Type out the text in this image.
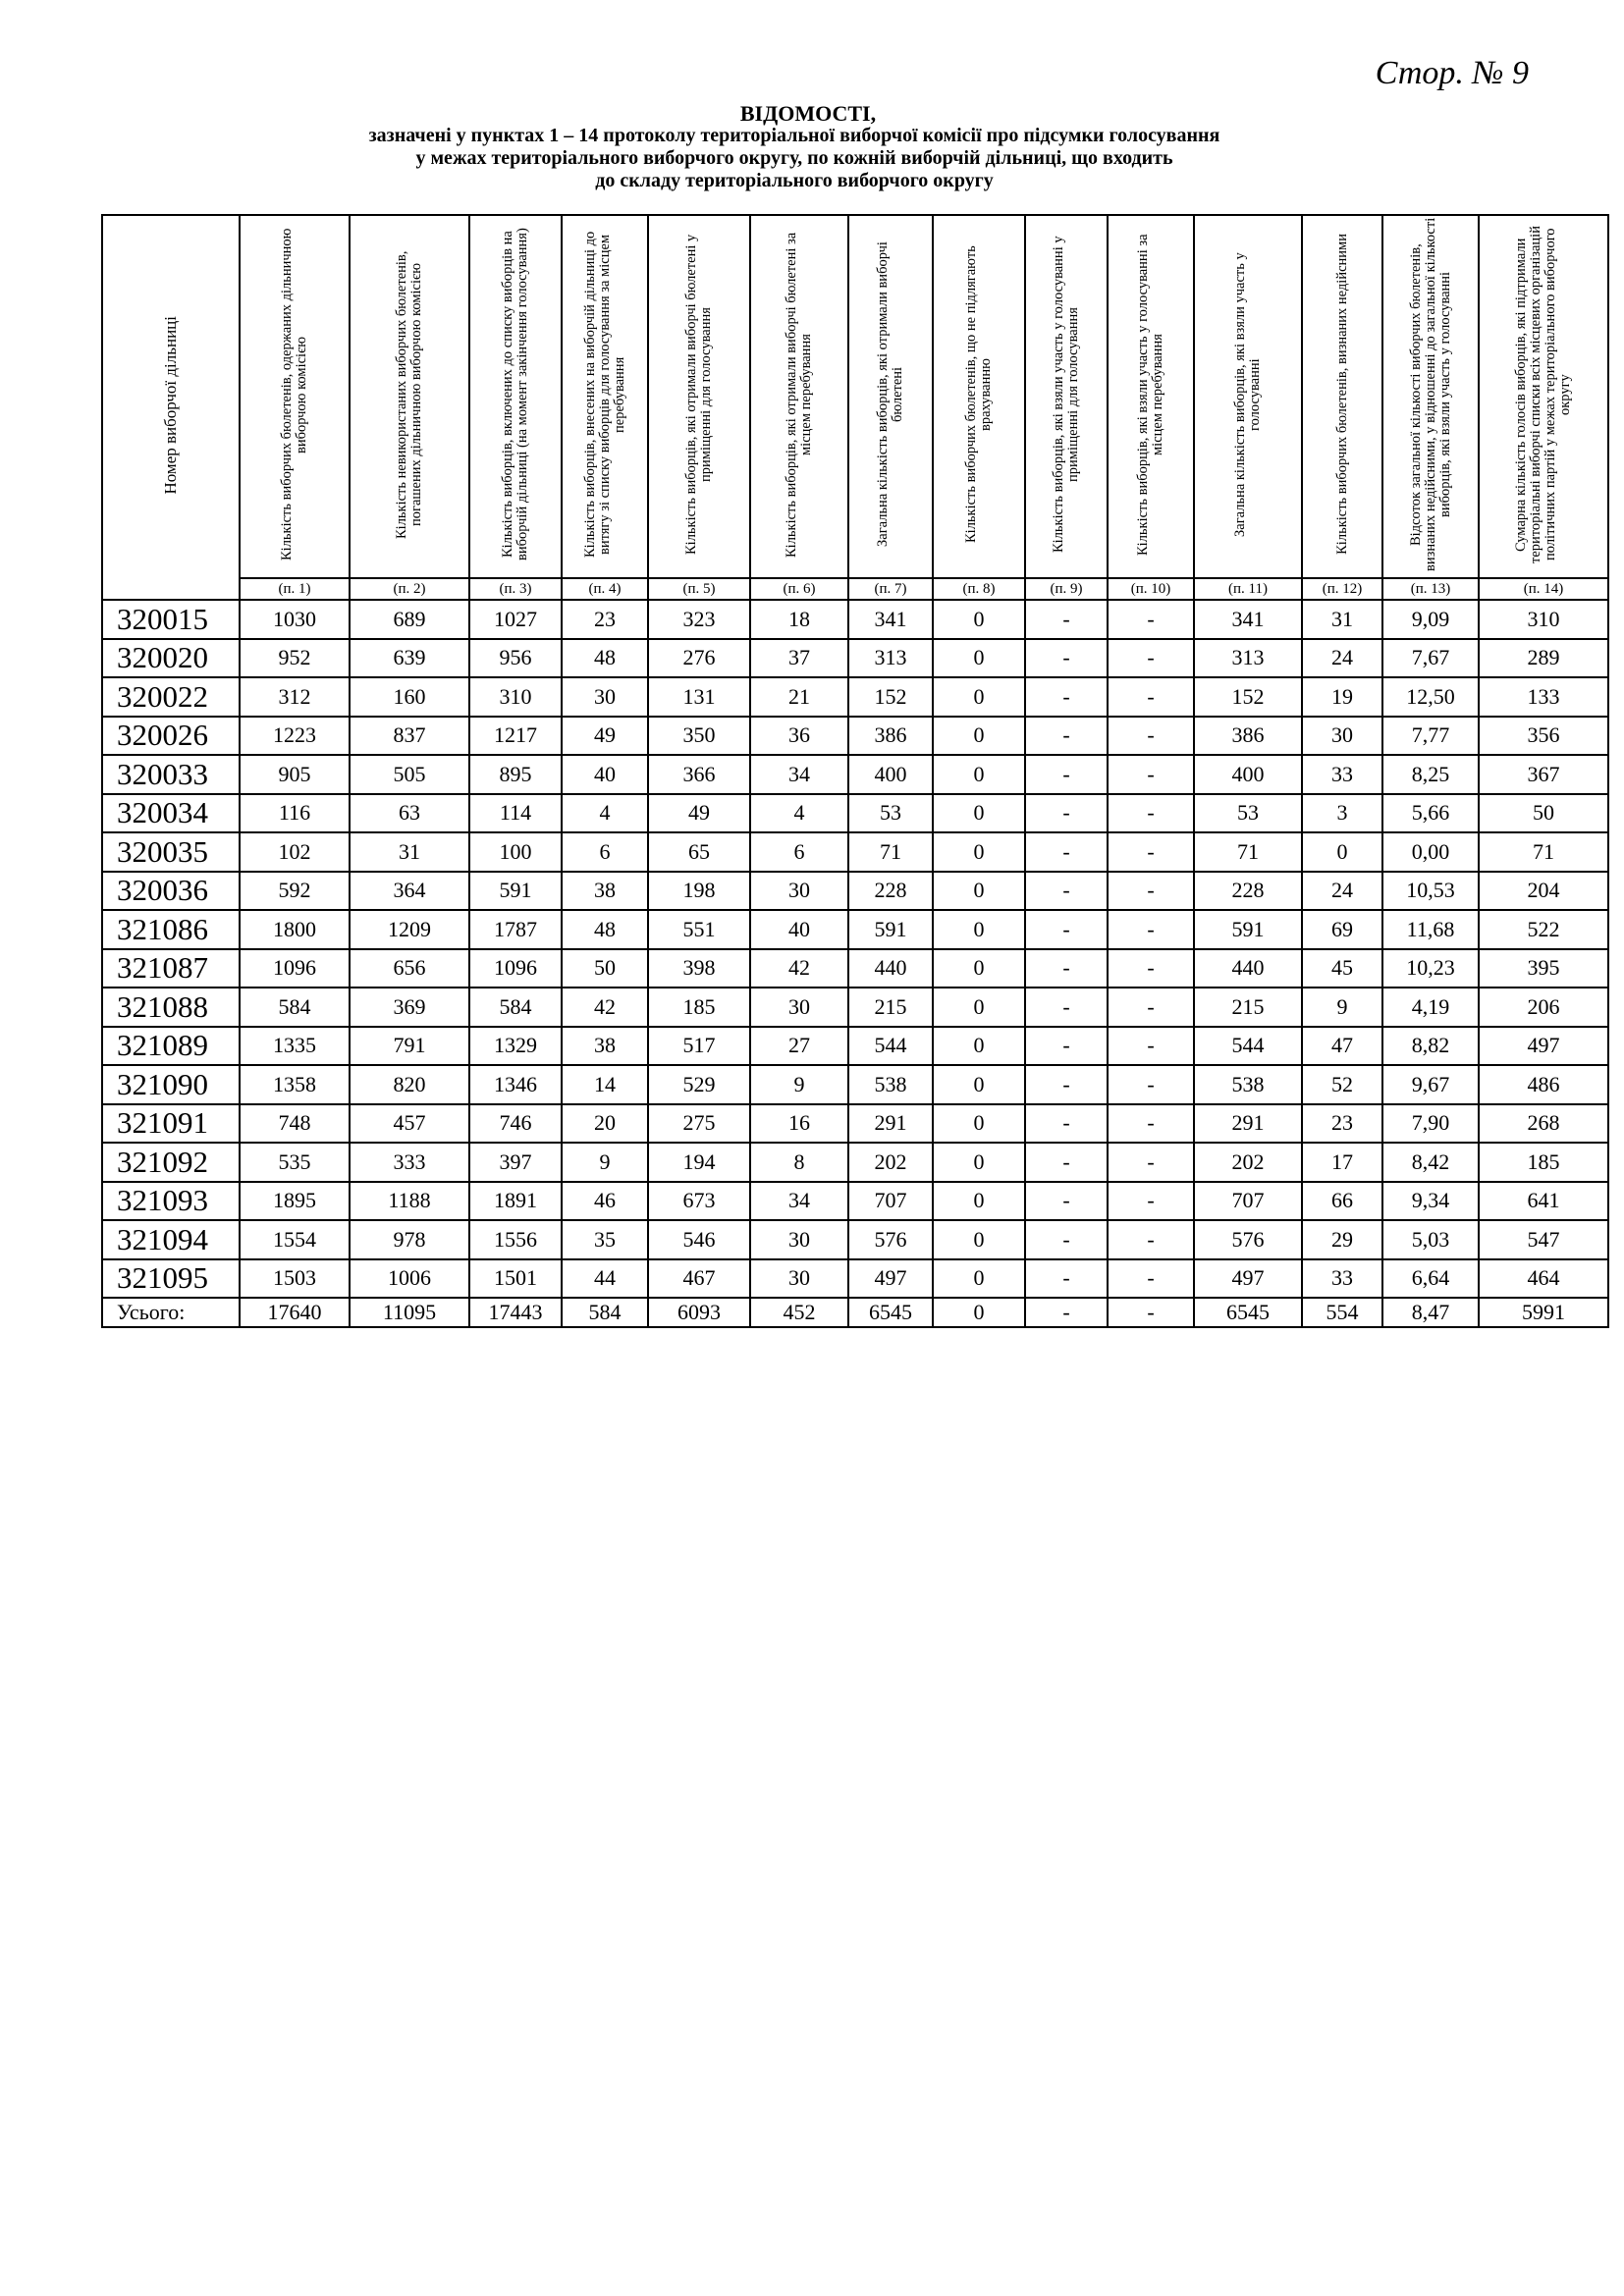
Стор. № 9
ВІДОМОСТІ,
зазначені у пунктах 1 – 14 протоколу територіальної виборчої комісії про підсумки голосування
у межах територіального виборчого округу, по кожній виборчій дільниці, що входить
до складу територіального виборчого округу
Номер виборчої дільниці	Кількість виборчих бюлетенів, одержаних дільничною виборчою комісією	Кількість невикористаних виборчих бюлетенів, погашених дільничною виборчою комісією	Кількість виборців, включених до списку виборців на виборчій дільниці (на момент закінчення голосування)	Кількість виборців, внесених на виборчій дільниці до витягу зі списку виборців для голосування за місцем перебування	Кількість виборців, які отримали виборчі бюлетені у приміщенні для голосування	Кількість виборців, які отримали виборчі бюлетені за місцем перебування	Загальна кількість виборців, які отримали виборчі бюлетені	Кількість виборчих бюлетенів, що не підлягають врахуванню	Кількість виборців, які взяли участь у голосуванні у приміщенні для голосування	Кількість виборців, які взяли участь у голосуванні за місцем перебування	Загальна кількість виборців, які взяли участь у голосуванні	Кількість виборчих бюлетенів, визнаних недійсними	Відсоток загальної кількості виборчих бюлетенів, визнаних недійсними, у відношенні до загальної кількості виборців, які взяли участь у голосуванні	Сумарна кількість голосів виборців, які підтримали територіальні виборчі списки всіх місцевих організацій політичних партій у межах територіального виборчого округу
	(п. 1)	(п. 2)	(п. 3)	(п. 4)	(п. 5)	(п. 6)	(п. 7)	(п. 8)	(п. 9)	(п. 10)	(п. 11)	(п. 12)	(п. 13)	(п. 14)
320015	1030	689	1027	23	323	18	341	0	-	-	341	31	9,09	310
320020	952	639	956	48	276	37	313	0	-	-	313	24	7,67	289
320022	312	160	310	30	131	21	152	0	-	-	152	19	12,50	133
320026	1223	837	1217	49	350	36	386	0	-	-	386	30	7,77	356
320033	905	505	895	40	366	34	400	0	-	-	400	33	8,25	367
320034	116	63	114	4	49	4	53	0	-	-	53	3	5,66	50
320035	102	31	100	6	65	6	71	0	-	-	71	0	0,00	71
320036	592	364	591	38	198	30	228	0	-	-	228	24	10,53	204
321086	1800	1209	1787	48	551	40	591	0	-	-	591	69	11,68	522
321087	1096	656	1096	50	398	42	440	0	-	-	440	45	10,23	395
321088	584	369	584	42	185	30	215	0	-	-	215	9	4,19	206
321089	1335	791	1329	38	517	27	544	0	-	-	544	47	8,82	497
321090	1358	820	1346	14	529	9	538	0	-	-	538	52	9,67	486
321091	748	457	746	20	275	16	291	0	-	-	291	23	7,90	268
321092	535	333	397	9	194	8	202	0	-	-	202	17	8,42	185
321093	1895	1188	1891	46	673	34	707	0	-	-	707	66	9,34	641
321094	1554	978	1556	35	546	30	576	0	-	-	576	29	5,03	547
321095	1503	1006	1501	44	467	30	497	0	-	-	497	33	6,64	464
Усього:	17640	11095	17443	584	6093	452	6545	0	-	-	6545	554	8,47	5991
